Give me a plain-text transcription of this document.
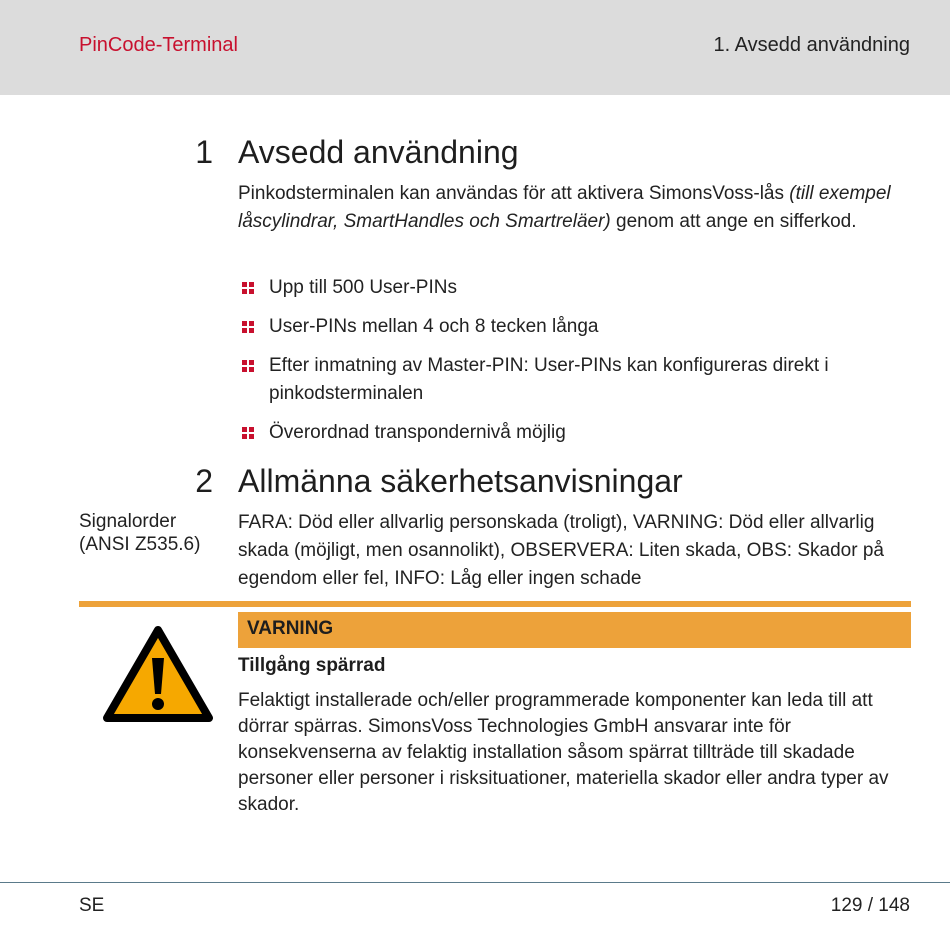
PinCode-Terminal	1. Avsedd användning
1 Avsedd användning
Pinkodsterminalen kan användas för att aktivera SimonsVoss-lås (till exempel låscylindrar, SmartHandles och Smartreläer) genom att ange en sifferkod.
Upp till 500 User-PINs
User-PINs mellan 4 och 8 tecken långa
Efter inmatning av Master-PIN: User-PINs kan konfigureras direkt i pinkodsterminalen
Överordnad transpondernivå möjlig
2 Allmänna säkerhetsanvisningar
Signalorder (ANSI Z535.6)
FARA: Död eller allvarlig personskada (troligt), VARNING: Död eller allvarlig skada (möjligt, men osannolikt), OBSERVERA: Liten skada, OBS: Skador på egendom eller fel, INFO: Låg eller ingen schade
VARNING
Tillgång spärrad
Felaktigt installerade och/eller programmerade komponenter kan leda till att dörrar spärras. SimonsVoss Technologies GmbH ansvarar inte för konsekvenserna av felaktig installation såsom spärrat tillträde till skadade personer eller personer i risksituationer, materiella skador eller andra typer av skador.
SE	129 / 148
